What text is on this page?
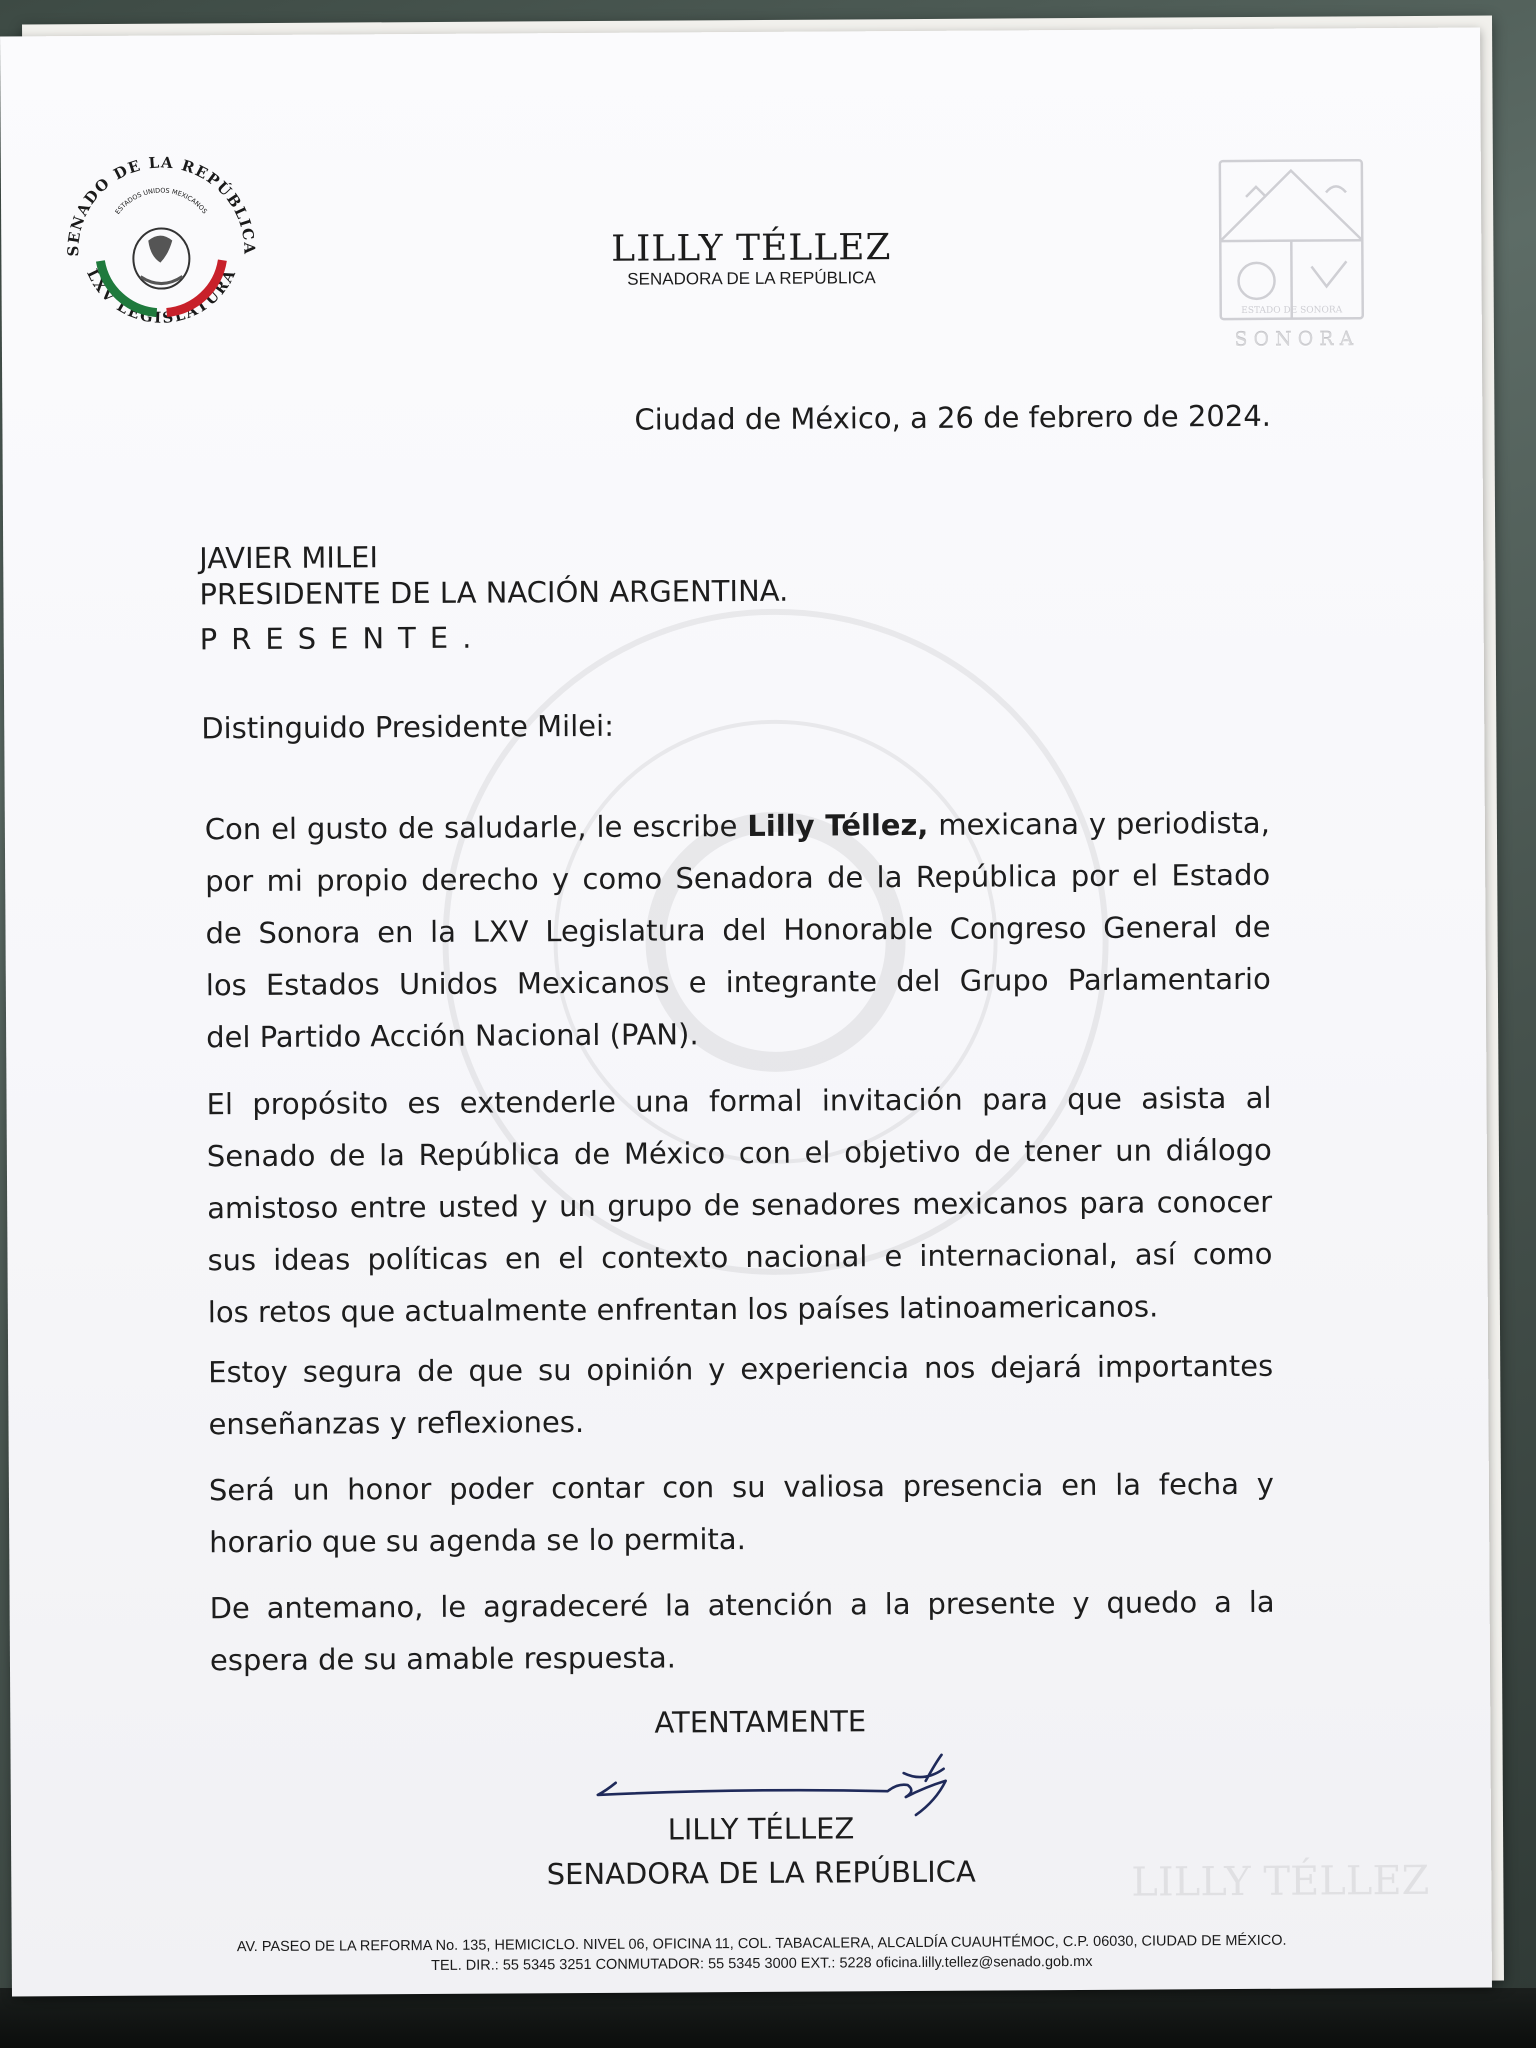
SENADO DE LA REPÚBLICA
LXV LEGISLATURA
ESTADOS UNIDOS MEXICANOS
LILLY TÉLLEZ
SENADORA DE LA REPÚBLICA
ESTADO DE SONORA
SONORA
Ciudad de México, a 26 de febrero de 2024.
JAVIER MILEI
PRESIDENTE DE LA NACIÓN ARGENTINA.
PRESENTE.
Distinguido Presidente Milei:
Con el gusto de saludarle, le escribe Lilly Téllez, mexicana y periodista,
por mi propio derecho y como Senadora de la República por el Estado
de Sonora en la LXV Legislatura del Honorable Congreso General de
los Estados Unidos Mexicanos e integrante del Grupo Parlamentario
del Partido Acción Nacional (PAN).
El propósito es extenderle una formal invitación para que asista al
Senado de la República de México con el objetivo de tener un diálogo
amistoso entre usted y un grupo de senadores mexicanos para conocer
sus ideas políticas en el contexto nacional e internacional, así como
los retos que actualmente enfrentan los países latinoamericanos.
Estoy segura de que su opinión y experiencia nos dejará importantes
enseñanzas y reflexiones.
Será un honor poder contar con su valiosa presencia en la fecha y
horario que su agenda se lo permita.
De antemano, le agradeceré la atención a la presente y quedo a la
espera de su amable respuesta.
ATENTAMENTE
LILLY TÉLLEZ
SENADORA DE LA REPÚBLICA	LILLY TÉLLEZ
AV. PASEO DE LA REFORMA No. 135, HEMICICLO. NIVEL 06, OFICINA 11, COL. TABACALERA, ALCALDÍA CUAUHTÉMOC, C.P. 06030, CIUDAD DE MÉXICO.
TEL. DIR.: 55 5345 3251 CONMUTADOR: 55 5345 3000 EXT.: 5228 oficina.lilly.tellez@senado.gob.mx
